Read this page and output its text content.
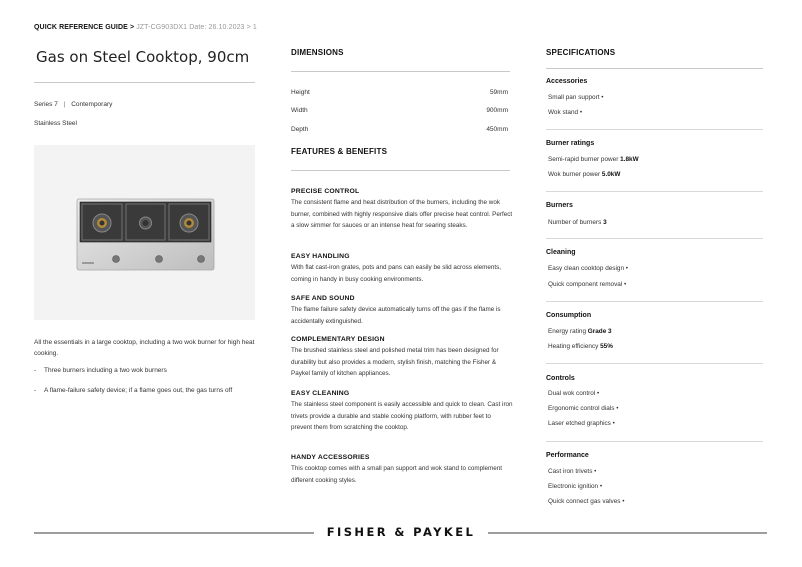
QUICK REFERENCE GUIDE > JZT-CG903DX1 Date: 26.10.2023 > 1
Gas on Steel Cooktop, 90cm
Series 7 | Contemporary
Stainless Steel
All the essentials in a large cooktop, including a two wok burner for high heat cooking.
-	Three burners including a two wok burners
-	A flame-failure safety device; if a flame goes out, the gas turns off
DIMENSIONS
Height	59mm
Width	900mm
Depth	450mm
FEATURES & BENEFITS
PRECISE CONTROL
The consistent flame and heat distribution of the burners, including the wok burner, combined with highly responsive dials offer precise heat control. Perfect a slow simmer for sauces or an intense heat for searing steaks.
EASY HANDLING
With flat cast-iron grates, pots and pans can easily be slid across elements, coming in handy in busy cooking environments.
SAFE AND SOUND
The flame failure safety device automatically turns off the gas if the flame is accidentally extinguished.
COMPLEMENTARY DESIGN
The brushed stainless steel and polished metal trim has been designed for durability but also provides a modern, stylish finish, matching the Fisher & Paykel family of kitchen appliances.
EASY CLEANING
The stainless steel component is easily accessible and quick to clean. Cast iron trivets provide a durable and stable cooking platform, with rubber feet to prevent them from scratching the cooktop.
HANDY ACCESSORIES
This cooktop comes with a small pan support and wok stand to complement different cooking styles.
SPECIFICATIONS
Accessories
Small pan support •
Wok stand •
Burner ratings
Semi-rapid burner power 1.8kW
Wok burner power 5.0kW
Burners
Number of burners 3
Cleaning
Easy clean cooktop design •
Quick component removal •
Consumption
Energy rating Grade 3
Heating efficiency 55%
Controls
Dual wok control •
Ergonomic control dials •
Laser etched graphics •
Performance
Cast iron trivets •
Electronic ignition •
Quick connect gas valves •
FISHER & PAYKEL
